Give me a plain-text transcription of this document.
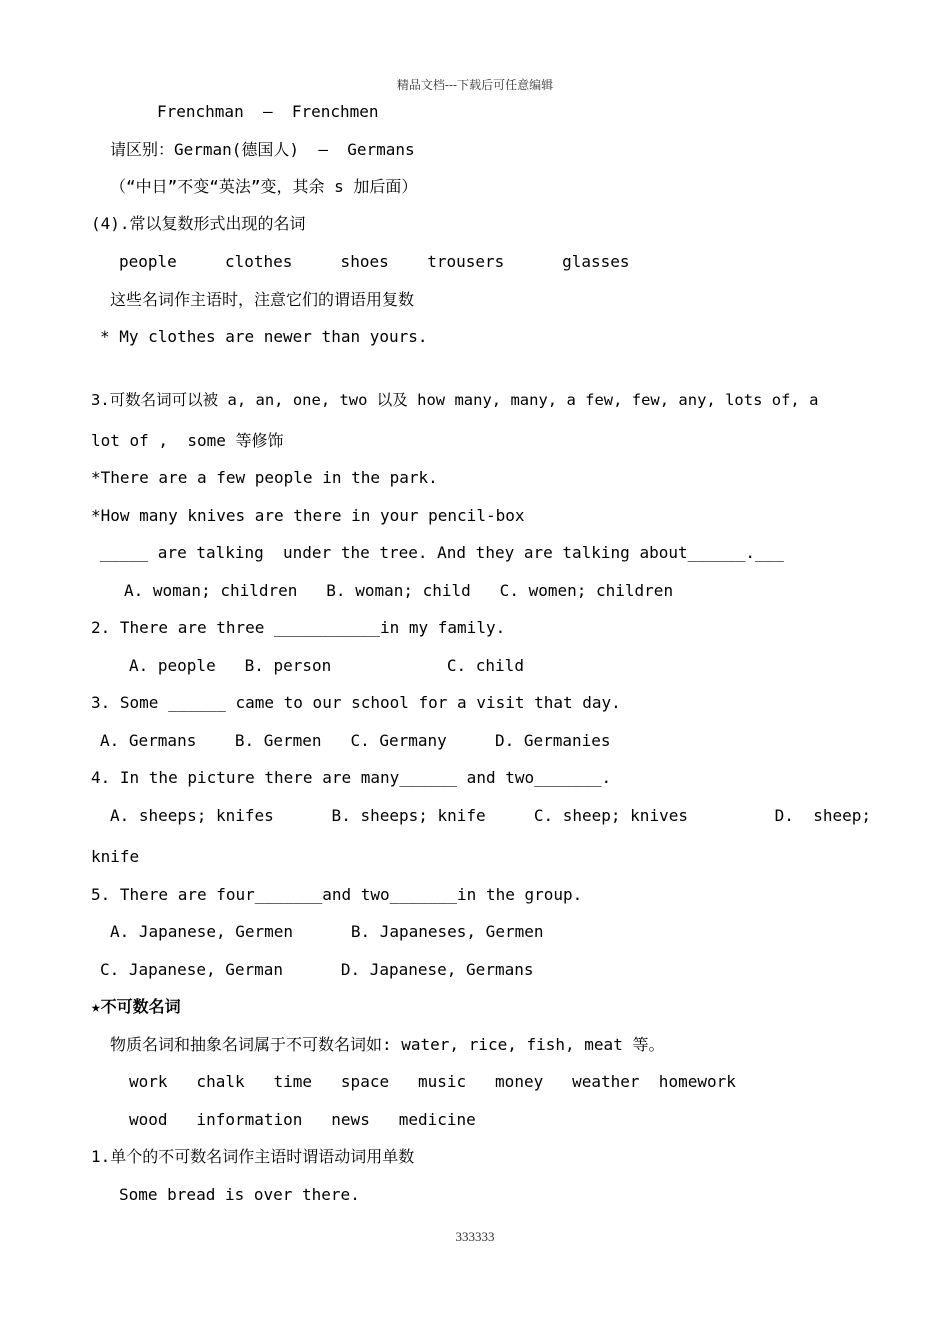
精品文档---下载后可任意编辑
Frenchman  –  Frenchmen
请区别：German(德国人)  –  Germans
（“中日”不变“英法”变，其余 s 加后面）
(4).常以复数形式出现的名词
people     clothes     shoes    trousers      glasses
这些名词作主语时，注意它们的谓语用复数
* My clothes are newer than yours.
3.可数名词可以被 a, an, one, two 以及 how many, many, a few, few, any, lots of, a
lot of ,  some 等修饰
*There are a few people in the park.
*How many knives are there in your pencil-box
_____ are talking  under the tree. And they are talking about______.___
A. woman; children   B. woman; child   C. women; children
2. There are three ___________in my family.
A. people   B. person            C. child
3. Some ______ came to our school for a visit that day.
A. Germans    B. Germen   C. Germany     D. Germanies
4. In the picture there are many______ and two_______.
A. sheeps; knifes      B. sheeps; knife     C. sheep; knives         D.  sheep;
knife
5. There are four_______and two_______in the group.
A. Japanese, Germen      B. Japaneses, Germen
C. Japanese, German      D. Japanese, Germans
★不可数名词
物质名词和抽象名词属于不可数名词如: water, rice, fish, meat 等。
work   chalk   time   space   music   money   weather  homework
wood   information   news   medicine
1.单个的不可数名词作主语时谓语动词用单数
Some bread is over there.
333333
